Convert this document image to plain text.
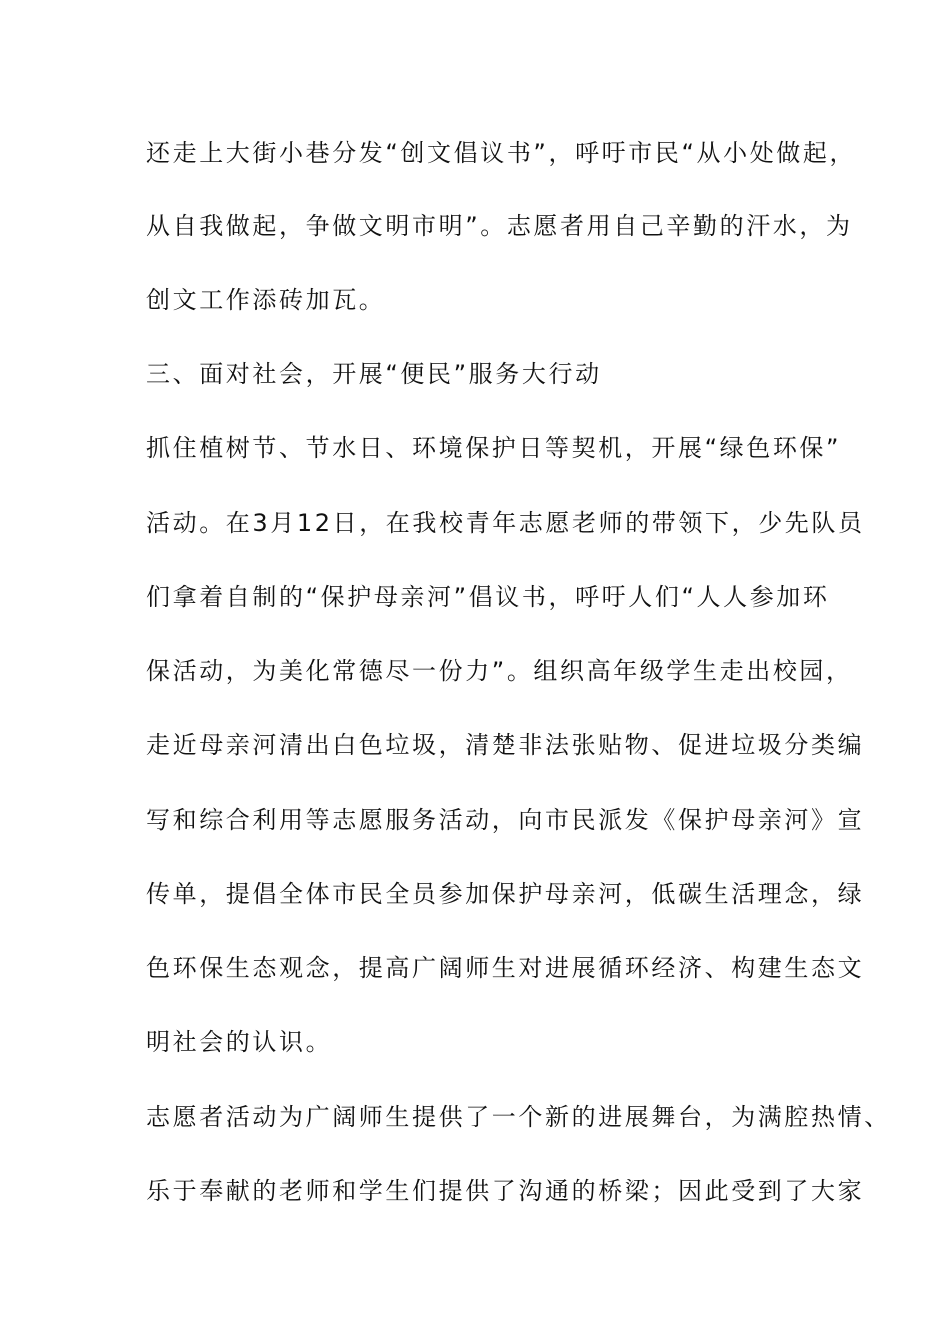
还走上大街小巷分发“创文倡议书”，呼吁市民“从小处做起，
从自我做起，争做文明市明”。志愿者用自己辛勤的汗水，为
创文工作添砖加瓦。
三、面对社会，开展“便民”服务大行动
抓住植树节、节水日、环境保护日等契机，开展“绿色环保”
活动。在3月12日，在我校青年志愿老师的带领下，少先队员
们拿着自制的“保护母亲河”倡议书，呼吁人们“人人参加环
保活动，为美化常德尽一份力”。组织高年级学生走出校园，
走近母亲河清出白色垃圾，清楚非法张贴物、促进垃圾分类编
写和综合利用等志愿服务活动，向市民派发《保护母亲河》宣
传单，提倡全体市民全员参加保护母亲河，低碳生活理念，绿
色环保生态观念，提高广阔师生对进展循环经济、构建生态文
明社会的认识。
志愿者活动为广阔师生提供了一个新的进展舞台，为满腔热情、
乐于奉献的老师和学生们提供了沟通的桥梁；因此受到了大家
